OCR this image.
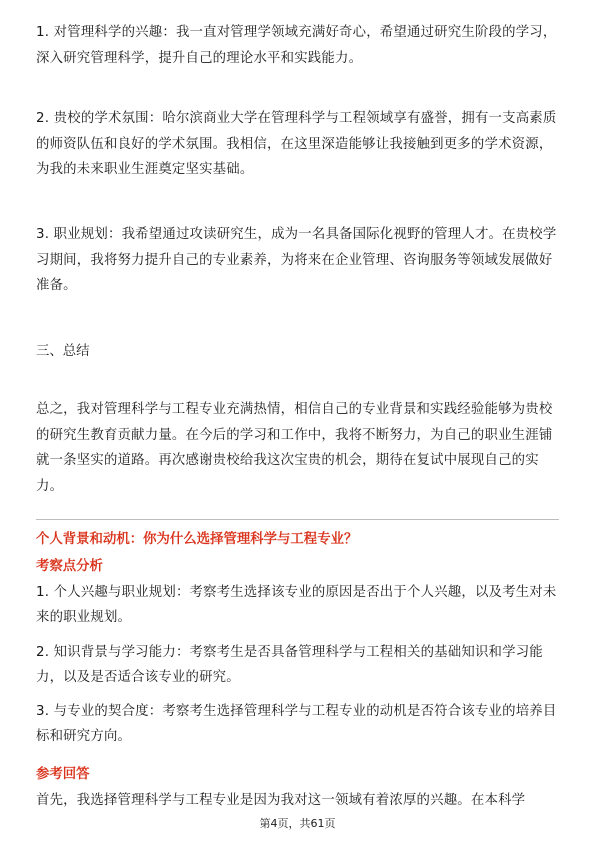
1. 对管理科学的兴趣：我一直对管理学领域充满好奇心，希望通过研究生阶段的学习，深入研究管理科学，提升自己的理论水平和实践能力。

2. 贵校的学术氛围：哈尔滨商业大学在管理科学与工程领域享有盛誉，拥有一支高素质的师资队伍和良好的学术氛围。我相信，在这里深造能够让我接触到更多的学术资源，为我的未来职业生涯奠定坚实基础。

3. 职业规划：我希望通过攻读研究生，成为一名具备国际化视野的管理人才。在贵校学习期间，我将努力提升自己的专业素养，为将来在企业管理、咨询服务等领域发展做好准备。

三、总结

总之，我对管理科学与工程专业充满热情，相信自己的专业背景和实践经验能够为贵校的研究生教育贡献力量。在今后的学习和工作中，我将不断努力，为自己的职业生涯铺就一条坚实的道路。再次感谢贵校给我这次宝贵的机会，期待在复试中展现自己的实力。

个人背景和动机：你为什么选择管理科学与工程专业？

考察点分析

1. 个人兴趣与职业规划：考察考生选择该专业的原因是否出于个人兴趣，以及考生对未来的职业规划。

2. 知识背景与学习能力：考察考生是否具备管理科学与工程相关的基础知识和学习能力，以及是否适合该专业的研究。

3. 与专业的契合度：考察考生选择管理科学与工程专业的动机是否符合该专业的培养目标和研究方向。

参考回答

首先，我选择管理科学与工程专业是因为我对这一领域有着浓厚的兴趣。在本科学

第4页，共61页
